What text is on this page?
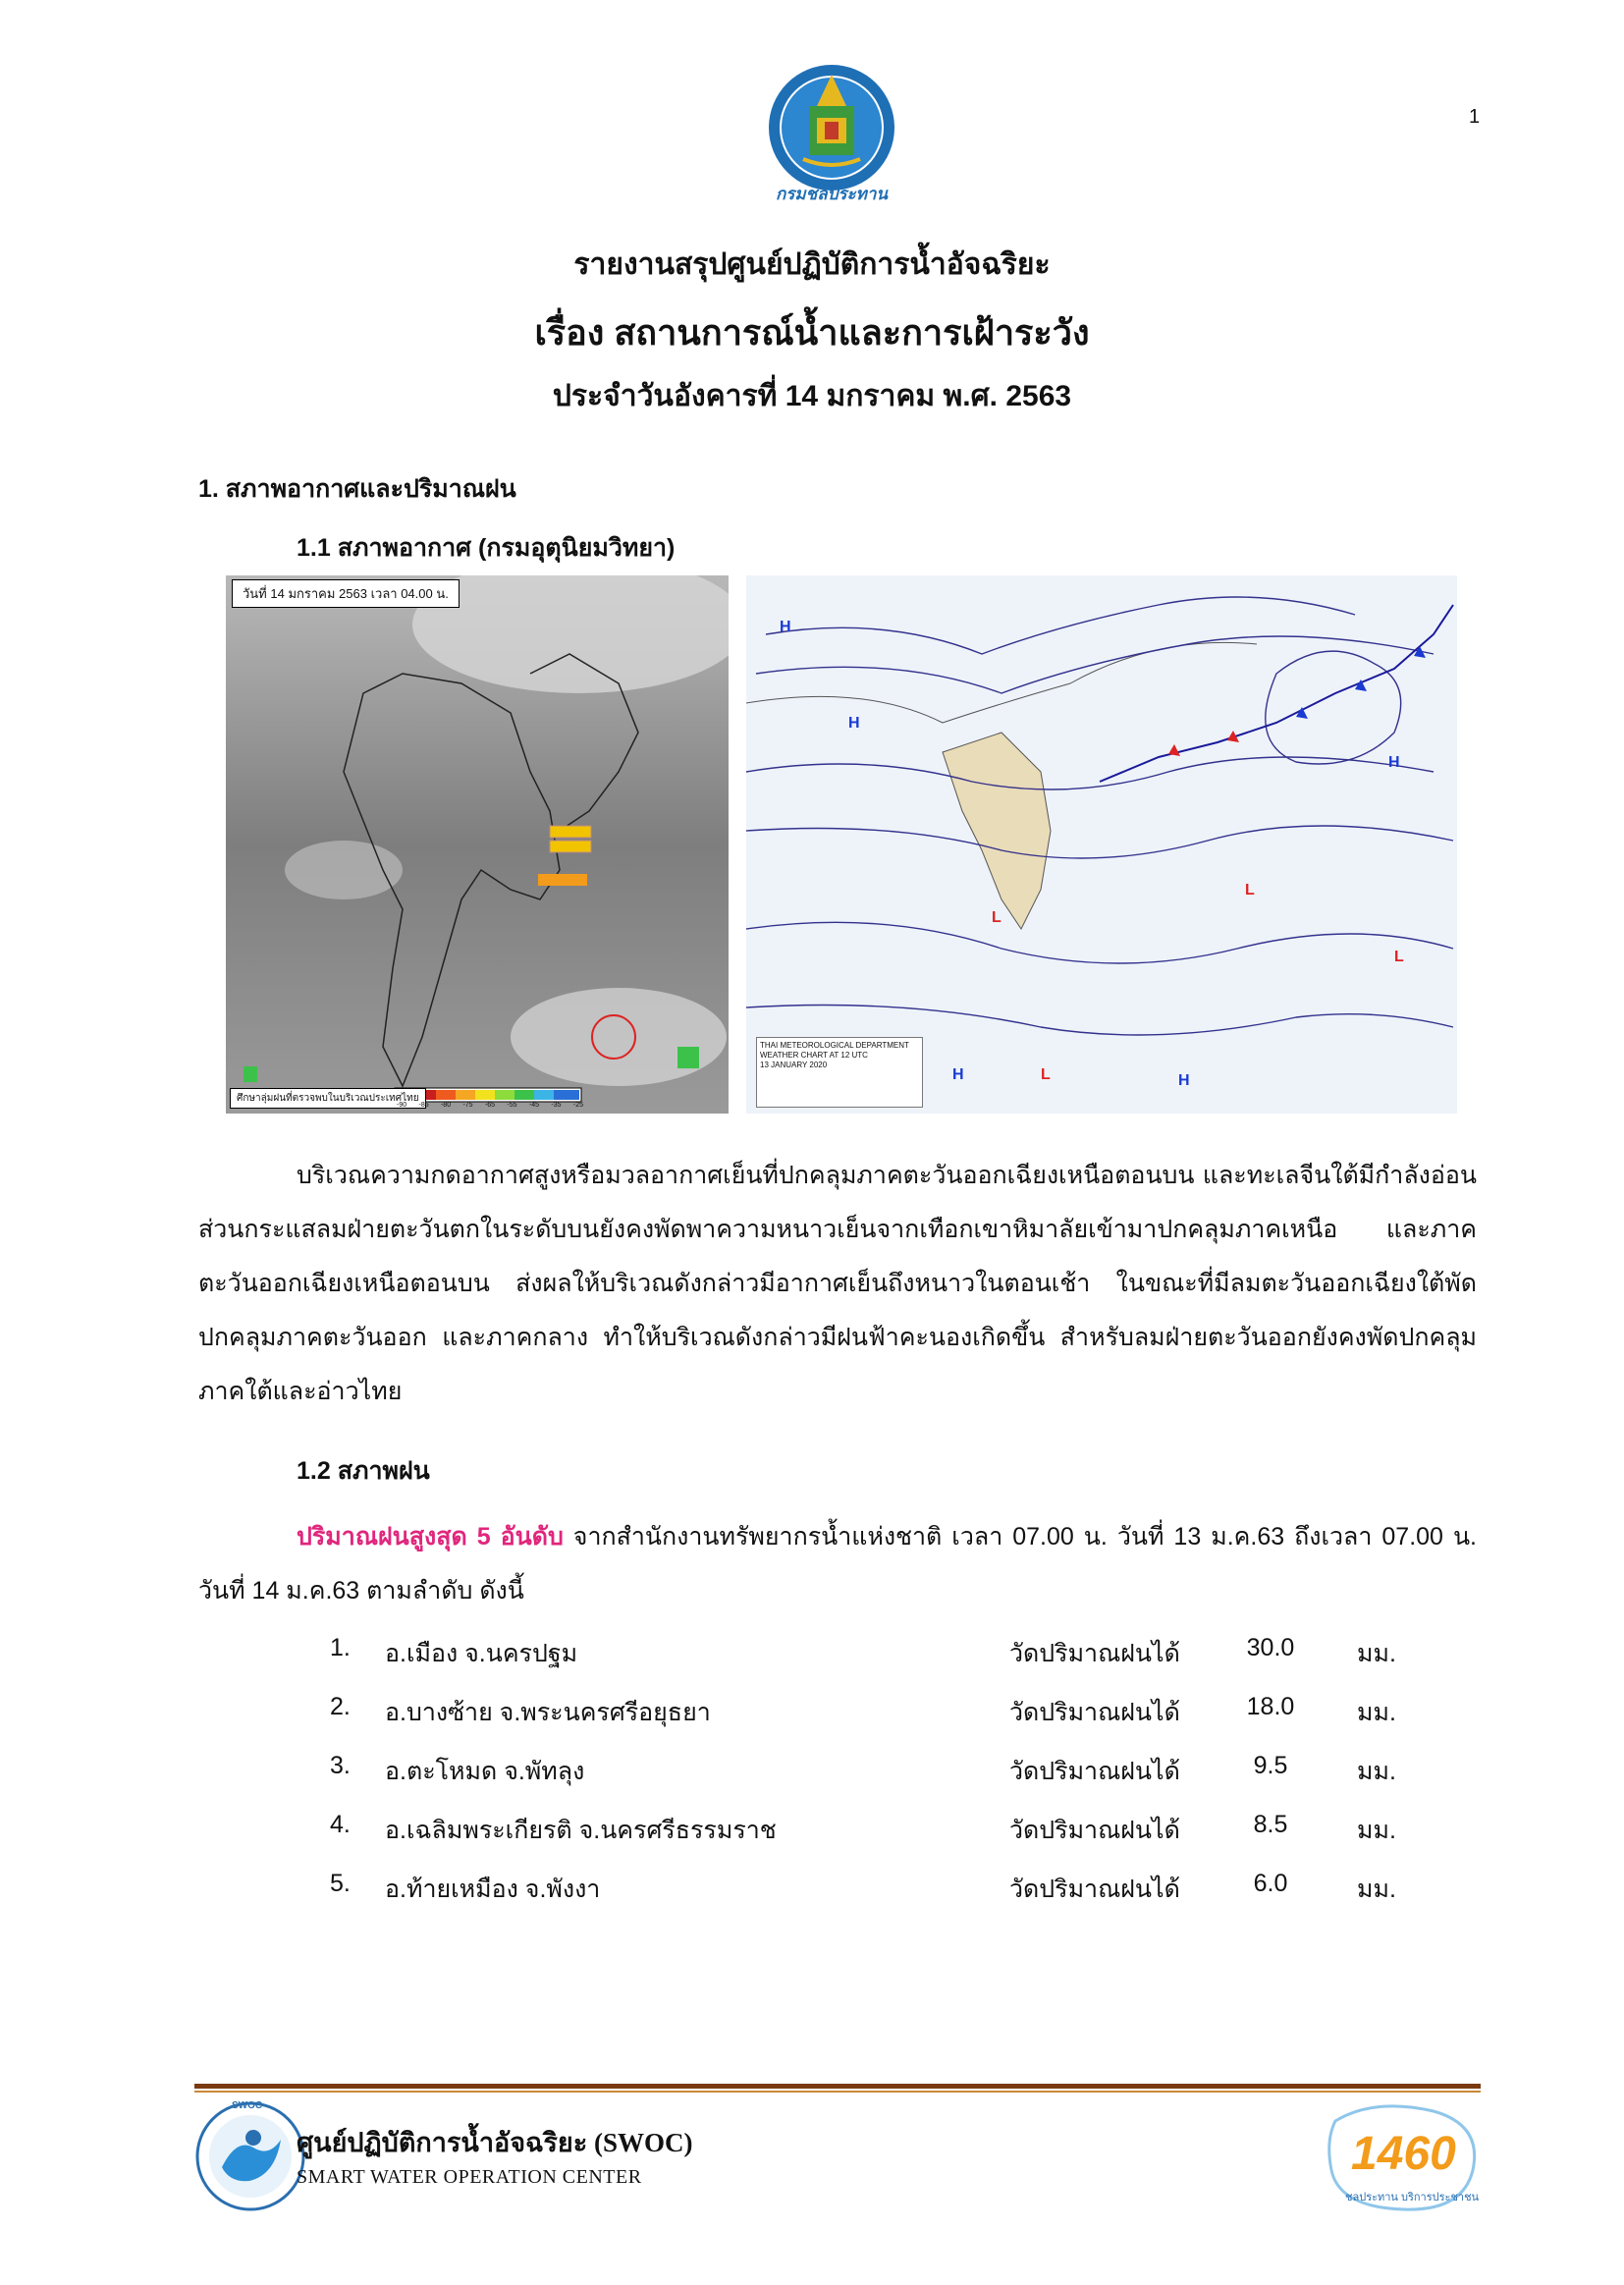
1
กรมชลประทาน
รายงานสรุปศูนย์ปฏิบัติการน้ำอัจฉริยะ
เรื่อง สถานการณ์น้ำและการเฝ้าระวัง
ประจำวันอังคารที่ 14 มกราคม พ.ศ. 2563
1. สภาพอากาศและปริมาณฝน
1.1 สภาพอากาศ (กรมอุตุนิยมวิทยา)
วันที่ 14 มกราคม 2563 เวลา 04.00 น.
ศึกษาลุ่มฝนที่ตรวจพบในบริเวณประเทศไทย
-90 -85 -80 -75 -65 -55 -45 -35 -25
H
H
H
L
L
L
H	L	H
THAI METEOROLOGICAL DEPARTMENT
WEATHER CHART AT 12 UTC
13 JANUARY 2020
บริเวณความกดอากาศสูงหรือมวลอากาศเย็นที่ปกคลุมภาคตะวันออกเฉียงเหนือตอนบน และทะเลจีนใต้มีกำลังอ่อน ส่วนกระแสลมฝ่ายตะวันตกในระดับบนยังคงพัดพาความหนาวเย็นจากเทือกเขาหิมาลัยเข้ามาปกคลุมภาคเหนือ และภาคตะวันออกเฉียงเหนือตอนบน ส่งผลให้บริเวณดังกล่าวมีอากาศเย็นถึงหนาวในตอนเช้า ในขณะที่มีลมตะวันออกเฉียงใต้พัดปกคลุมภาคตะวันออก และภาคกลาง ทำให้บริเวณดังกล่าวมีฝนฟ้าคะนองเกิดขึ้น สำหรับลมฝ่ายตะวันออกยังคงพัดปกคลุมภาคใต้และอ่าวไทย
1.2 สภาพฝน
ปริมาณฝนสูงสุด 5 อันดับ จากสำนักงานทรัพยากรน้ำแห่งชาติ เวลา 07.00 น. วันที่ 13 ม.ค.63 ถึงเวลา 07.00 น. วันที่ 14 ม.ค.63 ตามลำดับ ดังนี้
1. อ.เมือง จ.นครปฐม	วัดปริมาณฝนได้	30.0	มม.
2. อ.บางซ้าย จ.พระนครศรีอยุธยา	วัดปริมาณฝนได้	18.0	มม.
3. อ.ตะโหมด จ.พัทลุง	วัดปริมาณฝนได้	9.5	มม.
4. อ.เฉลิมพระเกียรติ จ.นครศรีธรรมราช	วัดปริมาณฝนได้	8.5	มม.
5. อ.ท้ายเหมือง จ.พังงา	วัดปริมาณฝนได้	6.0	มม.
SWOC
ศูนย์ปฏิบัติการน้ำอัจฉริยะ (SWOC)
SMART WATER OPERATION CENTER	1460
ชลประทาน บริการประชาชน
